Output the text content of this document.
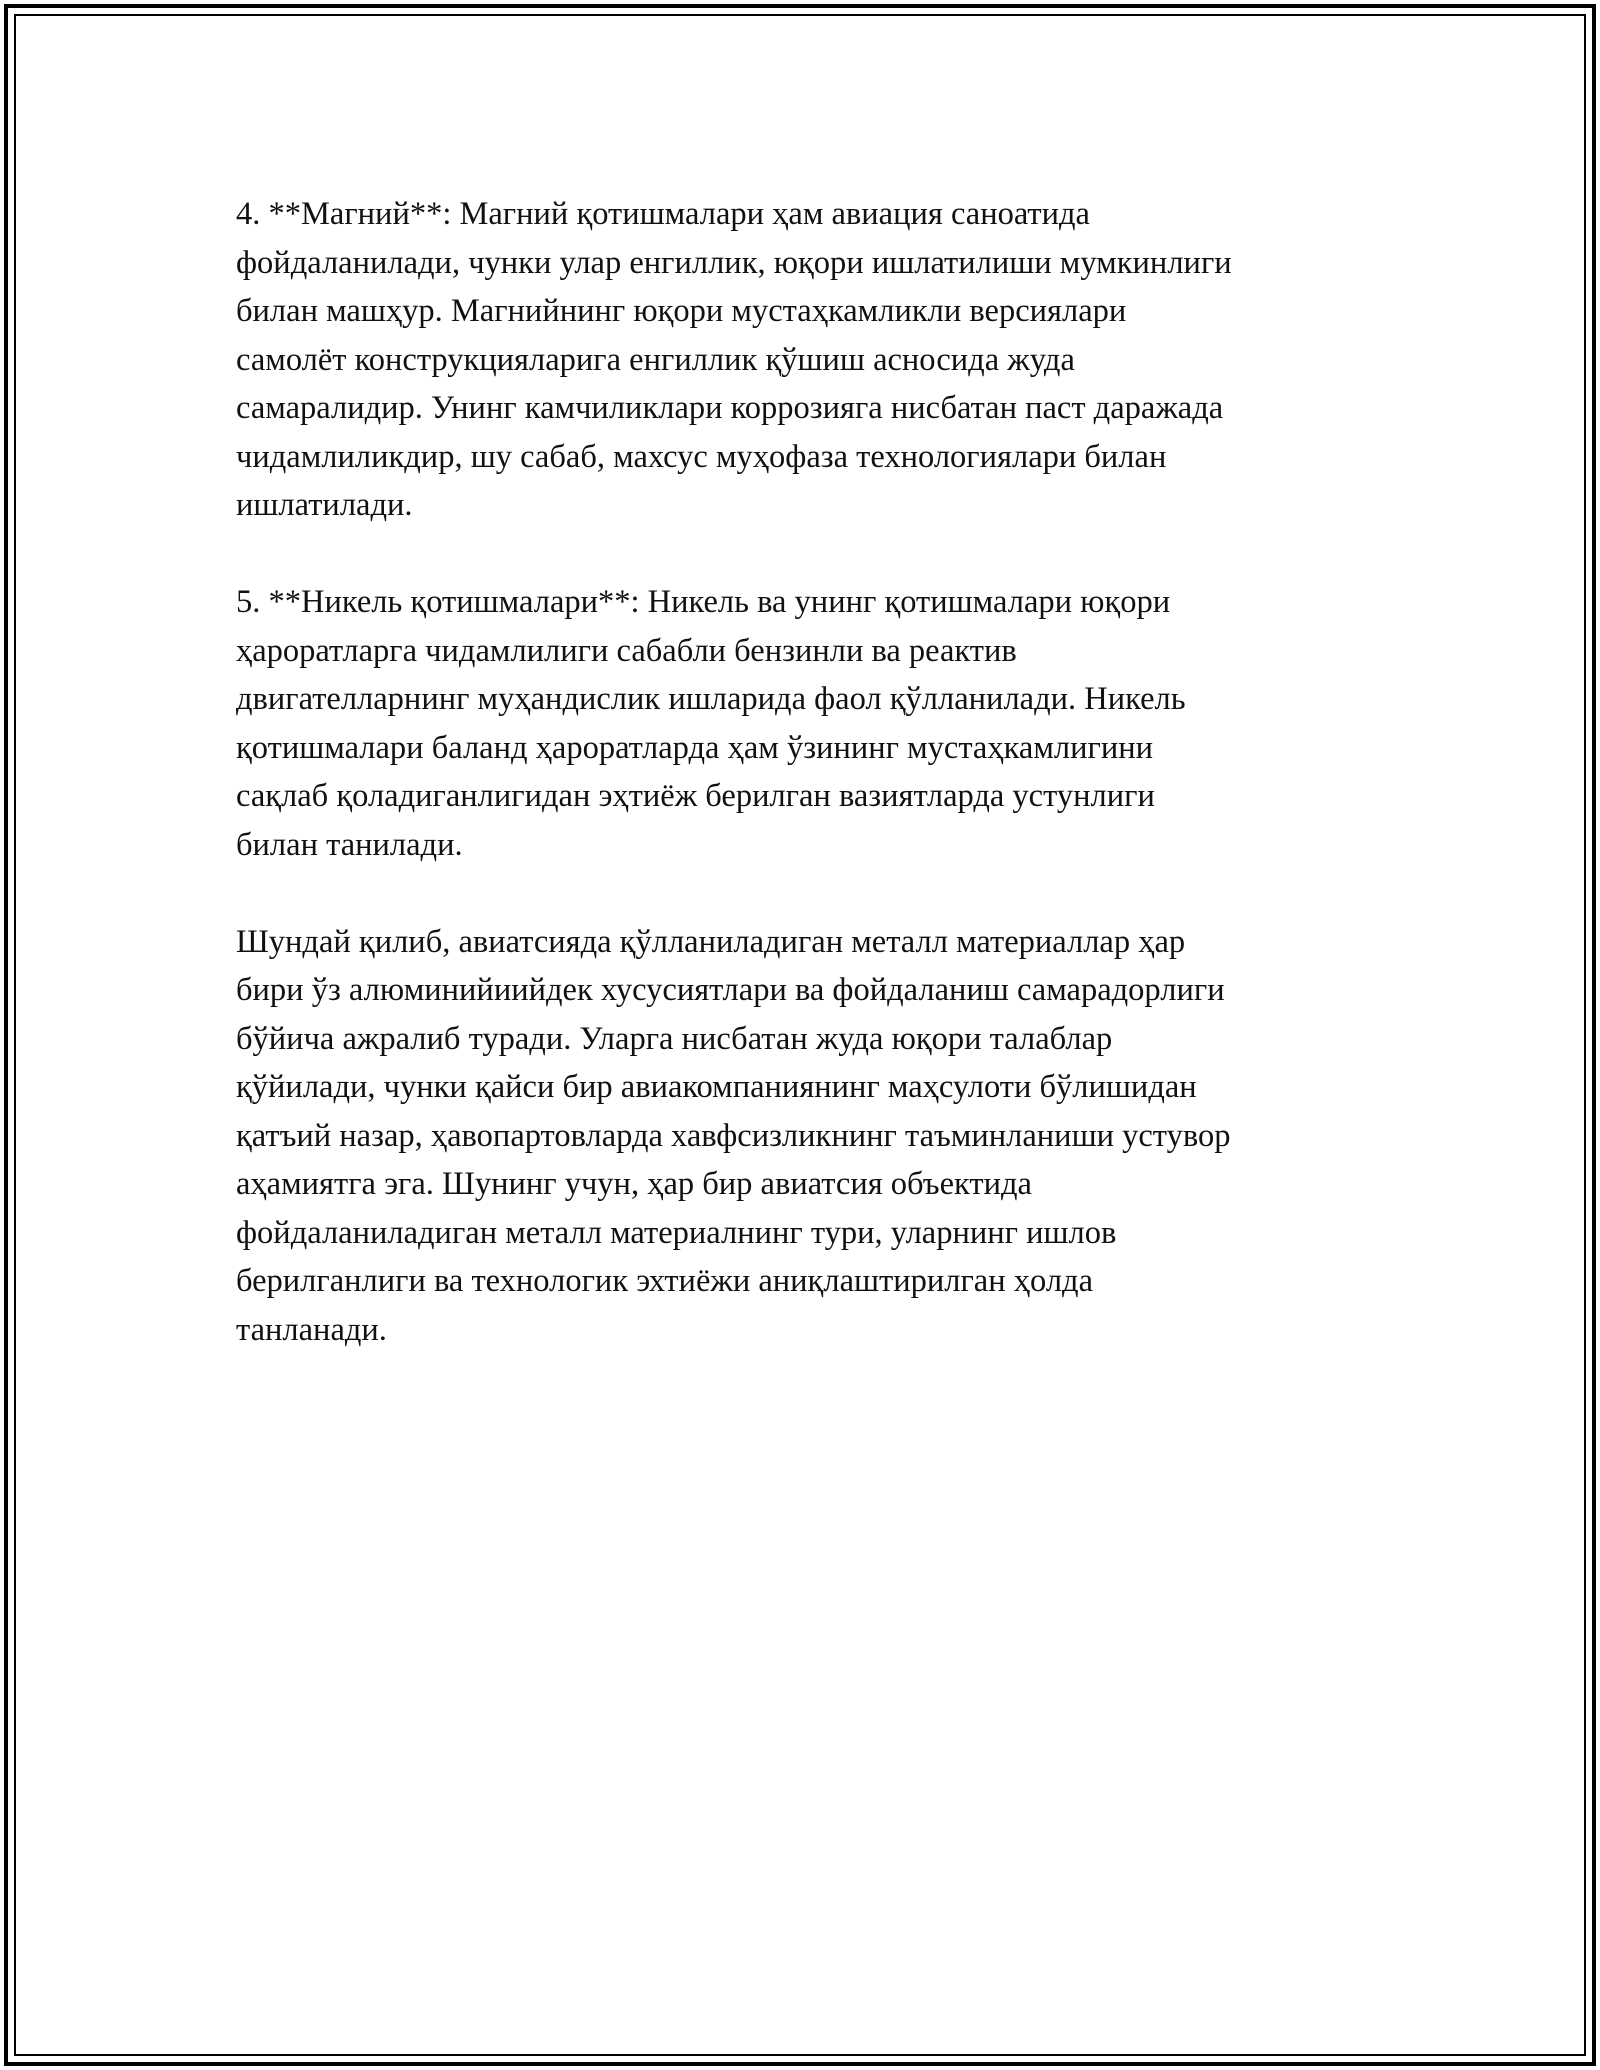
4. **Магний**: Магний қотишмалари ҳам авиация саноатида
фойдаланилади, чунки улар енгиллик, юқори ишлатилиши мумкинлиги
билан машҳур. Магнийнинг юқори мустаҳкамликли версиялари
самолёт конструкцияларига енгиллик қўшиш асносида жуда
самаралидир. Унинг камчиликлари коррозияга нисбатан паст даражада
чидамлиликдир, шу сабаб, махсус муҳофаза технологиялари билан
ишлатилади.

5. **Никель қотишмалари**: Никель ва унинг қотишмалари юқори
ҳароратларга чидамлилиги сабабли бензинли ва реактив
двигателларнинг муҳандислик ишларида фаол қўлланилади. Никель
қотишмалари баланд ҳароратларда ҳам ўзининг мустаҳкамлигини
сақлаб қоладиганлигидан эҳтиёж берилган вазиятларда устунлиги
билан танилади.

Шундай қилиб, авиатсияда қўлланиладиган металл материаллар ҳар
бири ўз алюминийиийдек хусусиятлари ва фойдаланиш самарадорлиги
бўйича ажралиб туради. Уларга нисбатан жуда юқори талаблар
қўйилади, чунки қайси бир авиакомпаниянинг маҳсулоти бўлишидан
қатъий назар, ҳавопартовларда хавфсизликнинг таъминланиши устувор
аҳамиятга эга. Шунинг учун, ҳар бир авиатсия объектида
фойдаланиладиган металл материалнинг тури, уларнинг ишлов
берилганлиги ва технологик эхтиёжи аниқлаштирилган ҳолда
танланади.
